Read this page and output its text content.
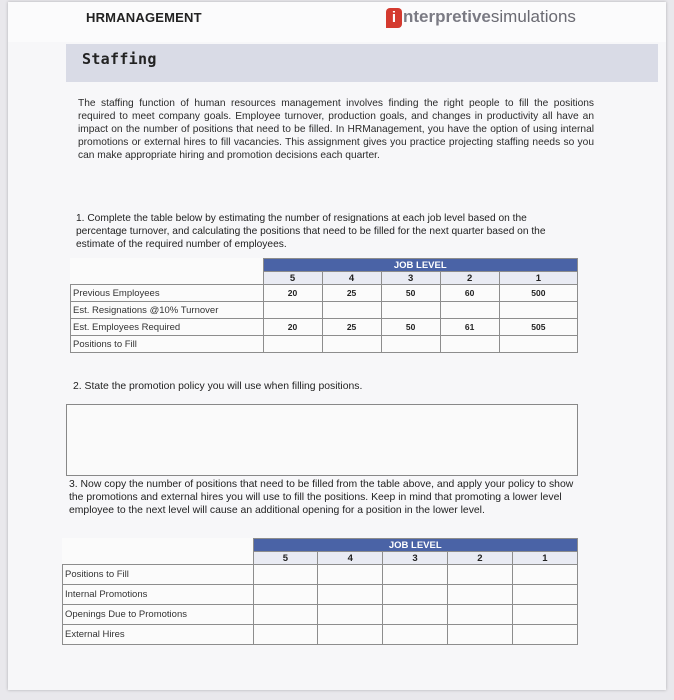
HRMANAGEMENT	i nterpretivesimulations
Staffing
The staffing function of human resources management involves finding the right people to fill the positions required to meet company goals. Employee turnover, production goals, and changes in productivity all have an impact on the number of positions that need to be filled. In HRManagement, you have the option of using internal promotions or external hires to fill vacancies. This assignment gives you practice projecting staffing needs so you can make appropriate hiring and promotion decisions each quarter.
1. Complete the table below by estimating the number of resignations at each job level based on the percentage turnover, and calculating the positions that need to be filled for the next quarter based on the estimate of the required number of employees.
	JOB LEVEL				
	5	4	3	2	1
Previous Employees	20	25	50	60	500
Est. Resignations @10% Turnover					
Est. Employees Required	20	25	50	61	505
Positions to Fill					
2. State the promotion policy you will use when filling positions.
3. Now copy the number of positions that need to be filled from the table above, and apply your policy to show the promotions and external hires you will use to fill the positions. Keep in mind that promoting a lower level employee to the next level will cause an additional opening for a position in the lower level.
	JOB LEVEL				
	5	4	3	2	1
Positions to Fill					
Internal Promotions					
Openings Due to Promotions					
External Hires					
